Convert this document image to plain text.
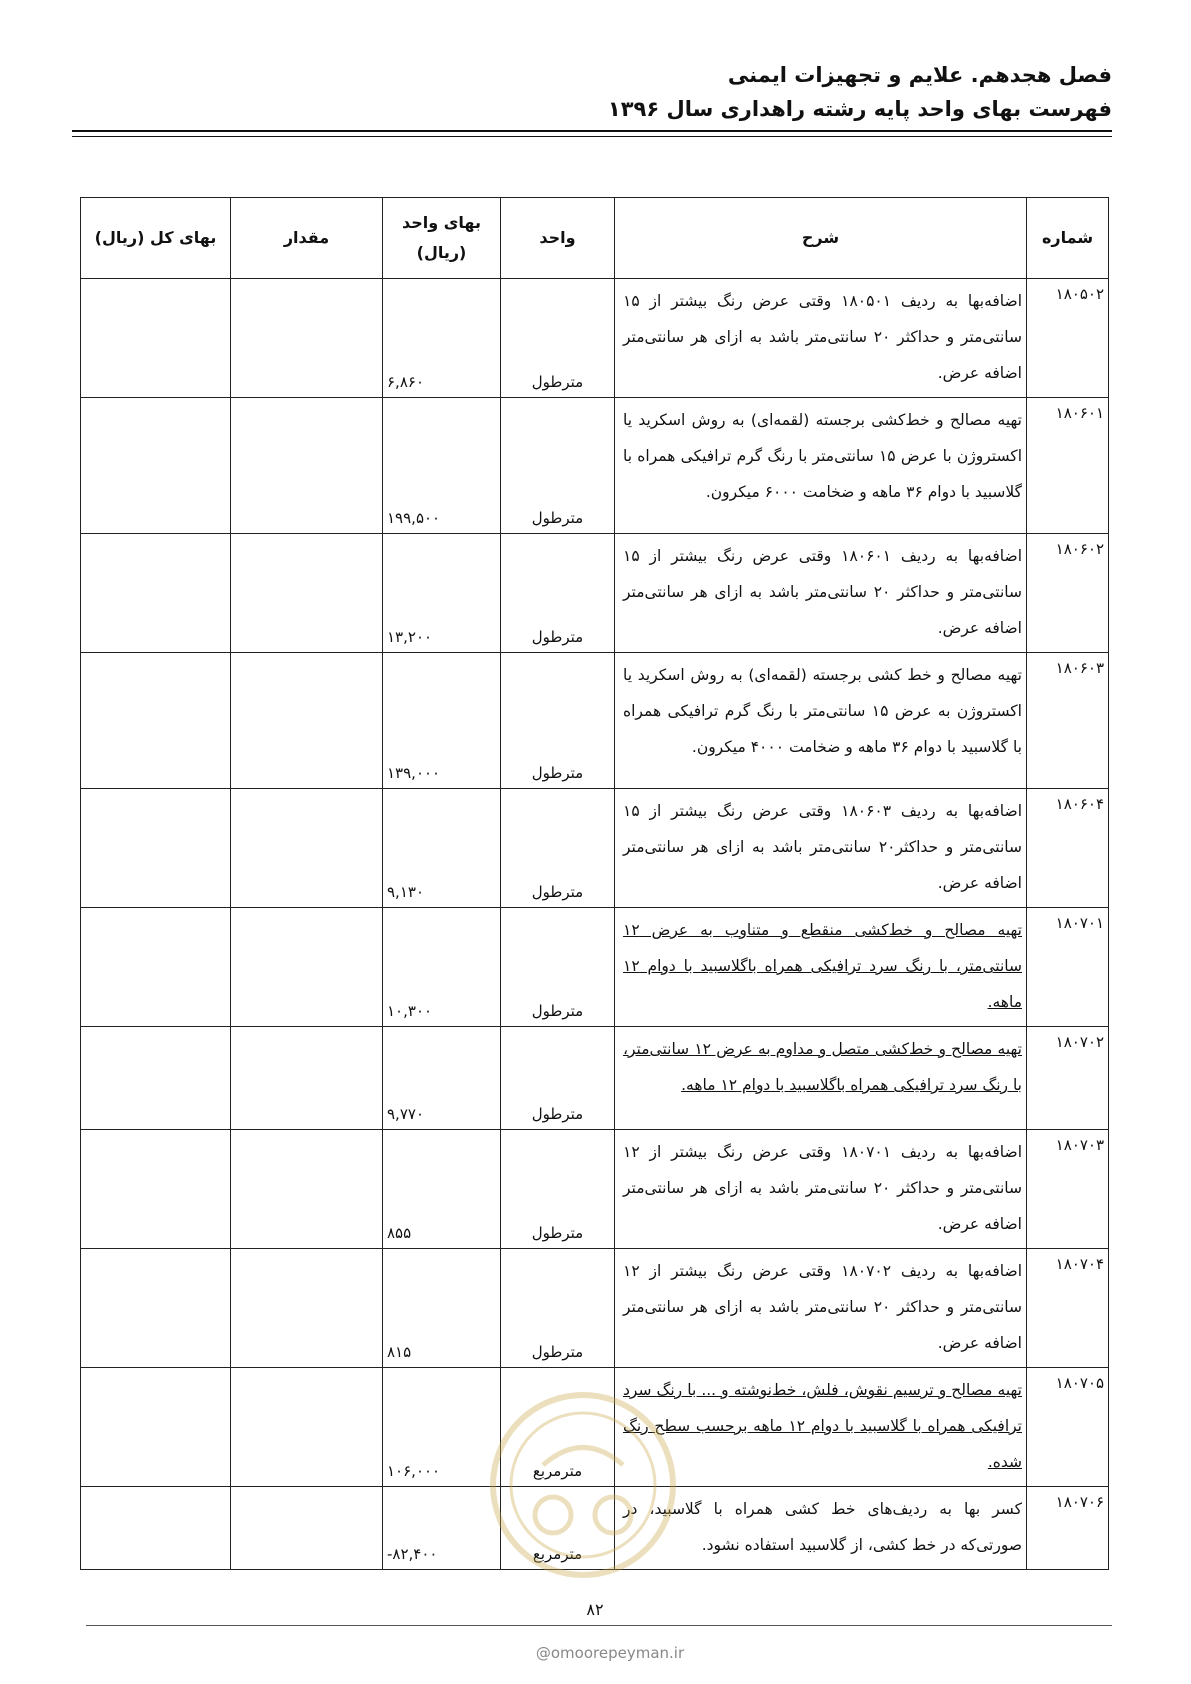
فصل هجدهم. علایم و تجهیزات ایمنی
فهرست بهای واحد پایه رشته راهداری سال ۱۳۹۶
شماره	شرح	واحد	بهای واحد
(ریال)	مقدار	بهای کل (ریال)
۱۸۰۵۰۲	اضافه‌بها به ردیف ۱۸۰۵۰۱ وقتی عرض رنگ بیشتر از ۱۵ سانتی‌متر و حداکثر ۲۰ سانتی‌متر باشد به ازای هر سانتی‌متر اضافه عرض.	مترطول	۶,۸۶۰		
۱۸۰۶۰۱	تهیه مصالح و خط‌کشی برجسته (لقمه‌ای) به روش اسکرید یا اکستروژن با عرض ۱۵ سانتی‌متر با رنگ گرم ترافیکی همراه با گلاسبید با دوام ۳۶ ماهه و ضخامت ۶۰۰۰ میکرون.	مترطول	۱۹۹,۵۰۰		
۱۸۰۶۰۲	اضافه‌بها به ردیف ۱۸۰۶۰۱ وقتی عرض رنگ بیشتر از ۱۵ سانتی‌متر و حداکثر ۲۰ سانتی‌متر باشد به ازای هر سانتی‌متر اضافه عرض.	مترطول	۱۳,۲۰۰		
۱۸۰۶۰۳	تهیه مصالح و خط کشی برجسته (لقمه‌ای) به روش اسکرید یا اکستروژن به عرض ۱۵ سانتی‌متر با رنگ گرم ترافیکی همراه با گلاسبید با دوام ۳۶ ماهه و ضخامت ۴۰۰۰ میکرون.	مترطول	۱۳۹,۰۰۰		
۱۸۰۶۰۴	اضافه‌بها به ردیف ۱۸۰۶۰۳ وقتی عرض رنگ بیشتر از ۱۵ سانتی‌متر و حداکثر۲۰ سانتی‌متر باشد به ازای هر سانتی‌متر اضافه عرض.	مترطول	۹,۱۳۰		
۱۸۰۷۰۱	تهیه مصالح و خط‌کشی منقطع و متناوب به عرض ۱۲ سانتی‌متر، با رنگ سرد ترافیکی همراه باگلاسبید با دوام ۱۲ ماهه.	مترطول	۱۰,۳۰۰		
۱۸۰۷۰۲	تهیه مصالح و خط‌کشی متصل و مداوم به عرض ۱۲ سانتی‌متر، با رنگ سرد ترافیکی همراه باگلاسبید با دوام ۱۲ ماهه.	مترطول	۹,۷۷۰		
۱۸۰۷۰۳	اضافه‌بها به ردیف ۱۸۰۷۰۱ وقتی عرض رنگ بیشتر از ۱۲ سانتی‌متر و حداکثر ۲۰ سانتی‌متر باشد به ازای هر سانتی‌متر اضافه عرض.	مترطول	۸۵۵		
۱۸۰۷۰۴	اضافه‌بها به ردیف ۱۸۰۷۰۲ وقتی عرض رنگ بیشتر از ۱۲ سانتی‌متر و حداکثر ۲۰ سانتی‌متر باشد به ازای هر سانتی‌متر اضافه عرض.	مترطول	۸۱۵		
۱۸۰۷۰۵	تهیه مصالح و ترسیم نقوش، فلش، خط‌نوشته و ... با رنگ سرد ترافیکی همراه با گلاسبید با دوام ۱۲ ماهه برحسب سطح رنگ شده.	مترمربع	۱۰۶,۰۰۰		
۱۸۰۷۰۶	کسر بها به ردیف‌های خط کشی همراه با گلاسبید، در صورتی‌که در خط کشی، از گلاسبید استفاده نشود.	مترمربع	-۸۲,۴۰۰		
۸۲
@omoorepeyman.ir
